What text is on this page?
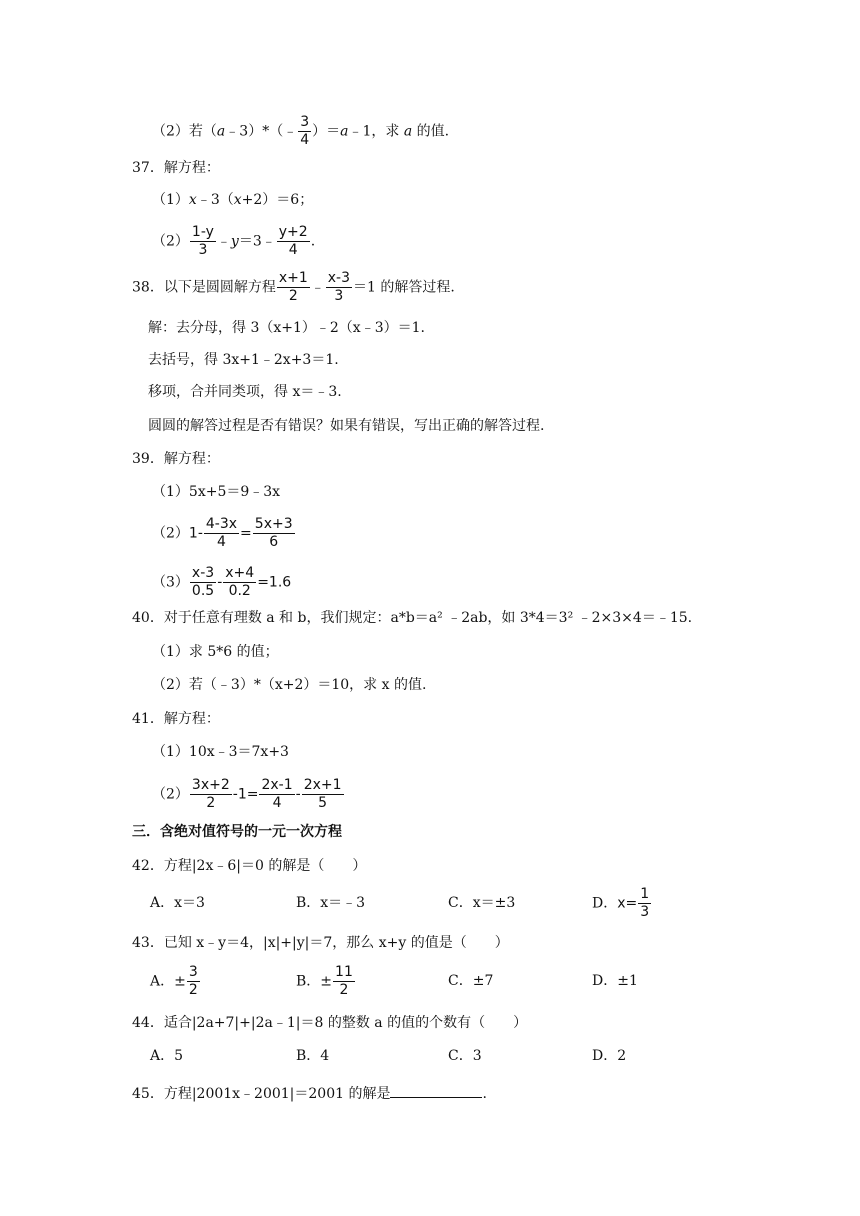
（2）若（a﹣3）*（﹣ $\frac{3}{4}$ ）＝a﹣1，求 a 的值.
37．解方程：
（1）x﹣3（x+2）＝6；
$(2) \frac{1-y}{3}$ ﹣y＝3﹣ $\frac{y+2}{4}$ .
38．以下是圆圆解方程 $\frac{x+1}{2}$ ﹣ $\frac{x-3}{3} =1$ 的解答过程.
解：去分母，得 3（x+1）﹣2（x﹣3）＝1.
去括号，得 3x+1﹣2x+3＝1.
移项，合并同类项，得 x＝﹣3.
圆圆的解答过程是否有错误？如果有错误，写出正确的解答过程.
39．解方程：
（1）5x+5＝9﹣3x
$(2)1- \frac{4-3x}{4} = \frac{5x+3}{6}$
$(3) \frac{x-3}{0.5} - \frac{x+4}{0.2} =1.6$
40．对于任意有理数 a 和 b，我们规定：a*b＝a² ﹣2ab，如 3*4＝3² ﹣2×3×4＝﹣15.
（1）求 5*6 的值；
（2）若（﹣3）*（x+2）＝10，求 x 的值.
41．解方程：
（1）10x﹣3＝7x+3
$(2) \frac{3x+2}{2} -1= \frac{2x-1}{4} - \frac{2x+1}{5}$
三．含绝对值符号的一元一次方程
42．方程|2x﹣6|＝0 的解是（　　）
A．x＝3	B．x＝﹣3	C．x＝±3	D．$x= \frac{1}{3}$
43．已知 x﹣y＝4，|x|+|y|＝7，那么 x+y 的值是（　　）
A．± $\frac{3}{2}$	B．± $\frac{11}{2}$	C．±7	D．±1
44．适合|2a+7|+|2a﹣1|＝8 的整数 a 的值的个数有（　　）
A．5	B．4	C．3	D．2
45．方程|2001x﹣2001|＝2001 的解是	.
